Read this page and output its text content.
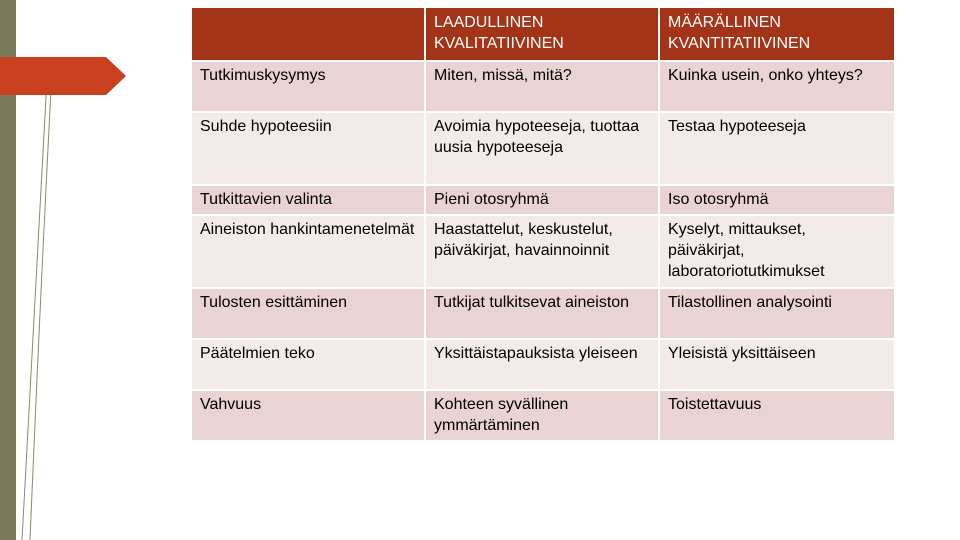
	LAADULLINEN KVALITATIIVINEN	MÄÄRÄLLINEN KVANTITATIIVINEN
Tutkimuskysymys	Miten, missä, mitä?	Kuinka usein, onko yhteys?
Suhde hypoteesiin	Avoimia hypoteeseja, tuottaa uusia hypoteeseja	Testaa hypoteeseja
Tutkittavien valinta	Pieni otosryhmä	Iso otosryhmä
Aineiston hankintamenetelmät	Haastattelut, keskustelut, päiväkirjat, havainnoinnit	Kyselyt, mittaukset, päiväkirjat, laboratoriotutkimukset
Tulosten esittäminen	Tutkijat tulkitsevat aineiston	Tilastollinen analysointi
Päätelmien teko	Yksittäistapauksista yleiseen	Yleisistä yksittäiseen
Vahvuus	Kohteen syvällinen ymmärtäminen	Toistettavuus
